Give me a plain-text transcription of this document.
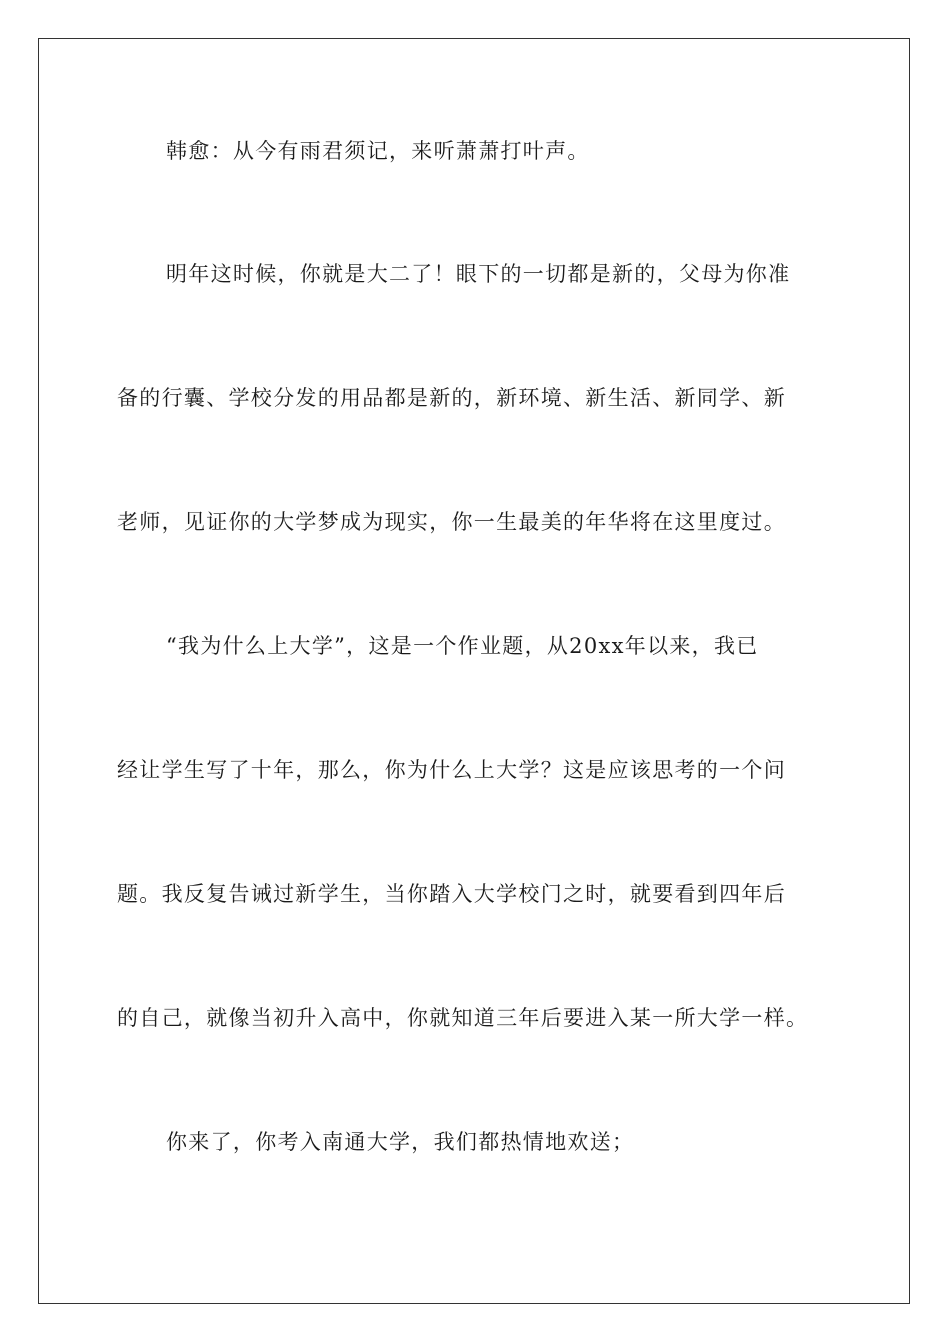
韩愈：从今有雨君须记，来听萧萧打叶声。
明年这时候，你就是大二了！眼下的一切都是新的，父母为你准
备的行囊、学校分发的用品都是新的，新环境、新生活、新同学、新
老师，见证你的大学梦成为现实，你一生最美的年华将在这里度过。
“我为什么上大学”，这是一个作业题，从20xx年以来，我已
经让学生写了十年，那么，你为什么上大学？这是应该思考的一个问
题。我反复告诫过新学生，当你踏入大学校门之时，就要看到四年后
的自己，就像当初升入高中，你就知道三年后要进入某一所大学一样。
你来了，你考入南通大学，我们都热情地欢送；
